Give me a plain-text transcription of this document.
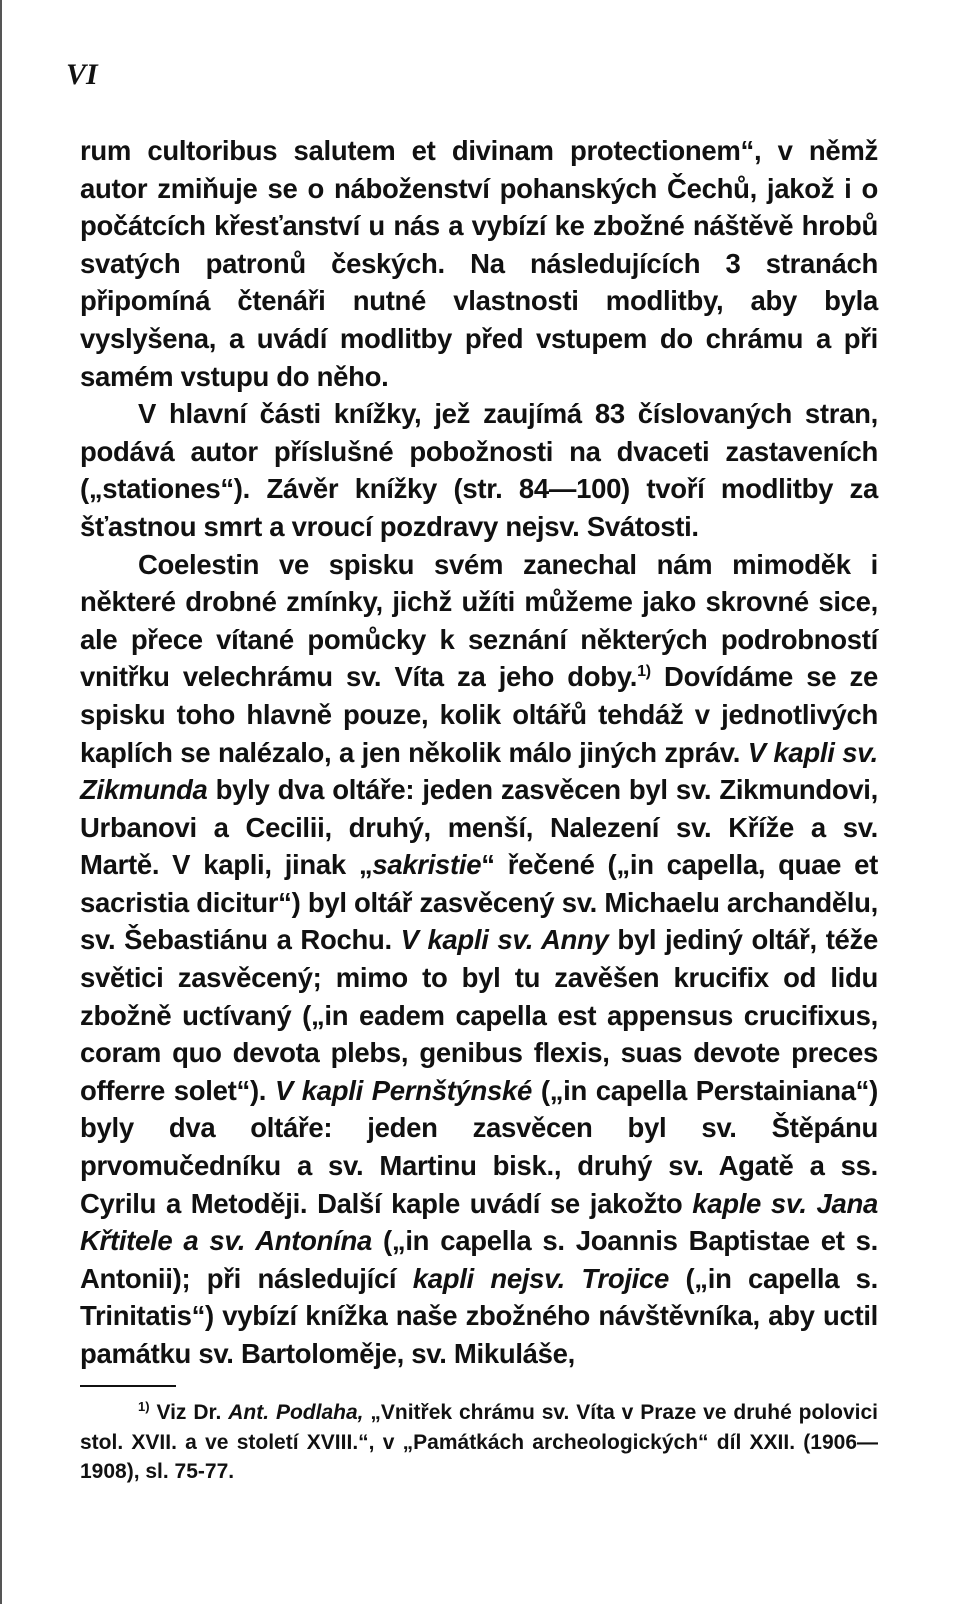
VI

rum cultoribus salutem et divinam protectionem“, v němž autor zmiňuje se o náboženství pohanských Čechů, jakož i o počátcích křesťanství u nás a vybízí ke zbožné náštěvě hrobů svatých patronů českých. Na následujících 3 stranách připomíná čtenáři nutné vlastnosti modlitby, aby byla vyslyšena, a uvádí modlitby před vstupem do chrámu a při samém vstupu do něho.

V hlavní části knížky, jež zaujímá 83 číslovaných stran, podává autor příslušné pobožnosti na dvaceti zastaveních („stationes“). Závěr knížky (str. 84—100) tvoří modlitby za šťastnou smrt a vroucí pozdravy nejsv. Svátosti.

Coelestin ve spisku svém zanechal nám mimoděk i některé drobné zmínky, jichž užíti můžeme jako skrovné sice, ale přece vítané pomůcky k seznání některých podrobností vnitřku velechrámu sv. Víta za jeho doby.$^{1)}$ Dovídáme se ze spisku toho hlavně pouze, kolik oltářů tehdáž v jednotlivých kaplích se nalézalo, a jen několik málo jiných zpráv. V kapli sv. Zikmunda byly dva oltáře: jeden zasvěcen byl sv. Zikmundovi, Urbanovi a Cecilii, druhý, menší, Nalezení sv. Kříže a sv. Martě. V kapli, jinak „sakristie“ řečené („in capella, quae et sacristia dicitur“) byl oltář zasvěcený sv. Michaelu archandělu, sv. Šebastiánu a Rochu. V kapli sv. Anny byl jediný oltář, téže světici zasvěcený; mimo to byl tu zavěšen krucifix od lidu zbožně uctívaný („in eadem capella est appensus crucifixus, coram quo devota plebs, genibus flexis, suas devote preces offerre solet“). V kapli Pernštýnské („in capella Perstainiana“) byly dva oltáře: jeden zasvěcen byl sv. Štěpánu prvomučedníku a sv. Martinu bisk., druhý sv. Agatě a ss. Cyrilu a Metoději. Další kaple uvádí se jakožto kaple sv. Jana Křtitele a sv. Antonína („in capella s. Joannis Baptistae et s. Antonii); při následující kapli nejsv. Trojice („in capella s. Trinitatis“) vybízí knížka naše zbožného návštěvníka, aby uctil památku sv. Bartoloměje, sv. Mikuláše,

$^{1)}$ Viz Dr. Ant. Podlaha, „Vnitřek chrámu sv. Víta v Praze ve druhé polovici stol. XVII. a ve století XVIII.“, v „Památkách archeologických“ díl XXII. (1906—1908), sl. 75-77.
